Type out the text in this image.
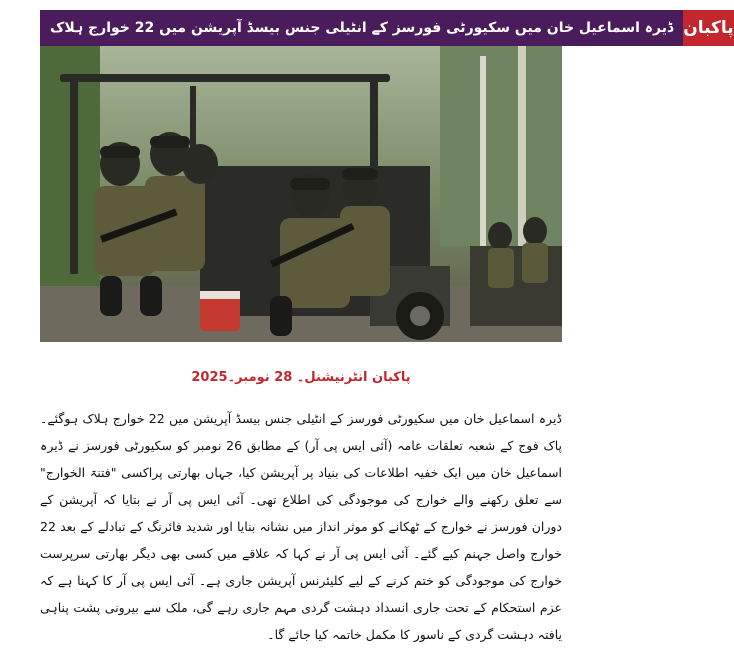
ڈیرہ اسماعیل خان میں سکیورٹی فورسز کے انٹیلی جنس بیسڈ آپریشن میں 22 خوارج ہلاک پاکبان
پاکبان انٹرنیشنل۔ 28 نومبر۔2025

ڈیرہ اسماعیل خان میں سکیورٹی فورسز کے انٹیلی جنس بیسڈ آپریشن میں 22 خوارج ہلاک ہوگئے۔ پاک فوج کے شعبہ تعلقات عامہ (آئی ایس پی آر) کے مطابق 26 نومبر کو سکیورٹی فورسز نے ڈیرہ اسماعیل خان میں ایک خفیہ اطلاعات کی بنیاد پر آپریشن کیا، جہاں بھارتی پراکسی "فتنۃ الخوارج" سے تعلق رکھنے والے خوارج کی موجودگی کی اطلاع تھی۔ آئی ایس پی آر نے بتایا کہ آپریشن کے دوران فورسز نے خوارج کے ٹھکانے کو موثر انداز میں نشانہ بنایا اور شدید فائرنگ کے تبادلے کے بعد 22 خوارج واصل جہنم کیے گئے۔ آئی ایس پی آر نے کہا کہ علاقے میں کسی بھی دیگر بھارتی سرپرست خوارج کی موجودگی کو ختم کرنے کے لیے کلیئرنس آپریشن جاری ہے۔ آئی ایس پی آر کا کہنا ہے کہ عزم استحکام کے تحت جاری انسداد دہشت گردی مہم جاری رہے گی، ملک سے بیرونی پشت پناہی یافتہ دہشت گردی کے ناسور کا مکمل خاتمہ کیا جائے گا۔
